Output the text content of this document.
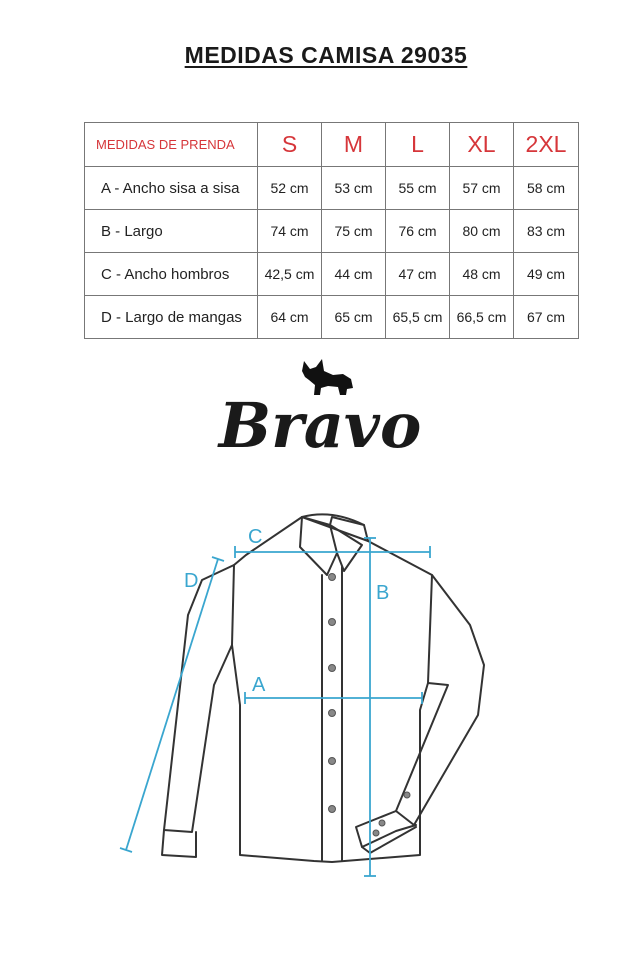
MEDIDAS CAMISA 29035
MEDIDAS DE PRENDA	S	M	L	XL	2XL
A - Ancho sisa a sisa	52 cm	53 cm	55 cm	57 cm	58 cm
B - Largo	74 cm	75 cm	76 cm	80 cm	83 cm
C - Ancho hombros	42,5 cm	44 cm	47 cm	48 cm	49 cm
D - Largo de mangas	64 cm	65 cm	65,5 cm	66,5 cm	67 cm
Bravo
C
A
B
D
